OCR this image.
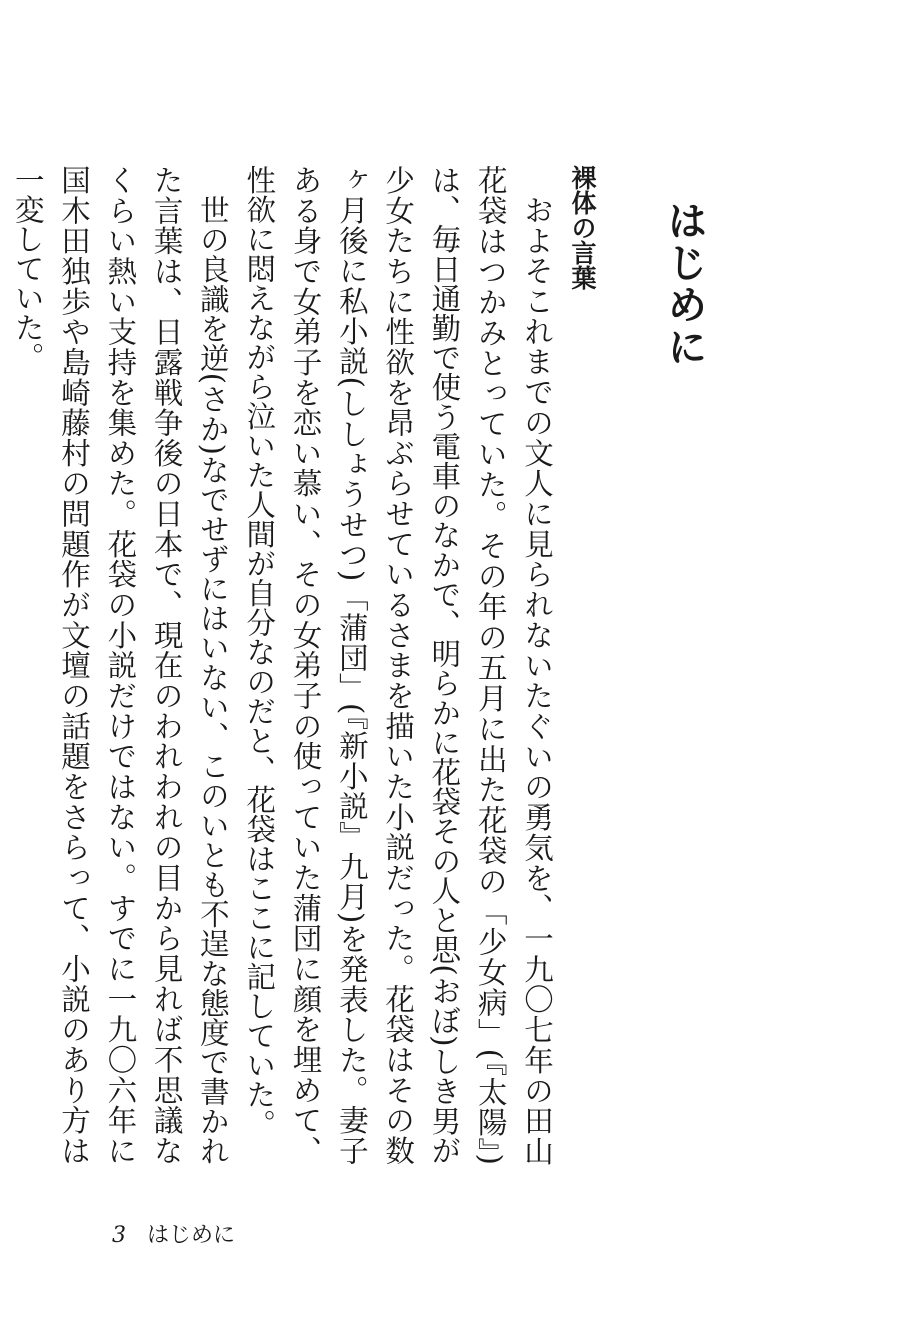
はじめに
裸体の言葉

およそこれまでの文人に見られないたぐいの勇気を、一九〇七年の田山花袋はつかみとっていた。その年の五月に出た花袋の「少女病」(『太陽』)は、毎日通勤で使う電車のなかで、明らかに花袋その人と思(おぼ)しき男が少女たちに性欲を昂ぶらせているさまを描いた小説だった。花袋はその数ヶ月後に私小説(ししょうせつ)「蒲団」(『新小説』九月)を発表した。妻子ある身で女弟子を恋い慕い、その女弟子の使っていた蒲団に顔を埋めて、性欲に悶えながら泣いた人間が自分なのだと、花袋はここに記していた。

世の良識を逆(さか)なでせずにはいない、このいとも不逞な態度で書かれた言葉は、日露戦争後の日本で、現在のわれわれの目から見れば不思議なくらい熱い支持を集めた。花袋の小説だけではない。すでに一九〇六年に国木田独歩や島崎藤村の問題作が文壇の話題をさらって、小説のあり方は一変していた。

3 はじめに
